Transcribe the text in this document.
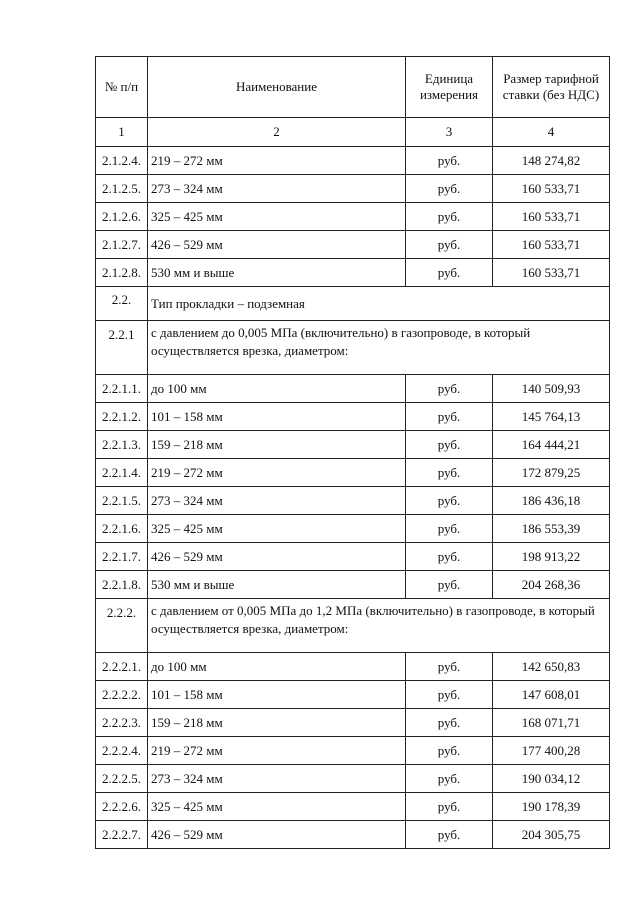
№ п/п	Наименование	Единица измерения	Размер тарифной ставки (без НДС)
1	2	3	4
2.1.2.4.	219 – 272 мм	руб.	148 274,82
2.1.2.5.	273 – 324 мм	руб.	160 533,71
2.1.2.6.	325 – 425 мм	руб.	160 533,71
2.1.2.7.	426 – 529 мм	руб.	160 533,71
2.1.2.8.	530 мм и выше	руб.	160 533,71
2.2.	Тип прокладки – подземная		
2.2.1	с давлением до 0,005 МПа (включительно) в газопроводе, в который осуществляется врезка, диаметром:		
2.2.1.1.	до 100 мм	руб.	140 509,93
2.2.1.2.	101 – 158 мм	руб.	145 764,13
2.2.1.3.	159 – 218 мм	руб.	164 444,21
2.2.1.4.	219 – 272 мм	руб.	172 879,25
2.2.1.5.	273 – 324 мм	руб.	186 436,18
2.2.1.6.	325 – 425 мм	руб.	186 553,39
2.2.1.7.	426 – 529 мм	руб.	198 913,22
2.2.1.8.	530 мм и выше	руб.	204 268,36
2.2.2.	с давлением от 0,005 МПа до 1,2 МПа (включительно) в газопроводе, в который осуществляется врезка, диаметром:		
2.2.2.1.	до 100 мм	руб.	142 650,83
2.2.2.2.	101 – 158 мм	руб.	147 608,01
2.2.2.3.	159 – 218 мм	руб.	168 071,71
2.2.2.4.	219 – 272 мм	руб.	177 400,28
2.2.2.5.	273 – 324 мм	руб.	190 034,12
2.2.2.6.	325 – 425 мм	руб.	190 178,39
2.2.2.7.	426 – 529 мм	руб.	204 305,75
